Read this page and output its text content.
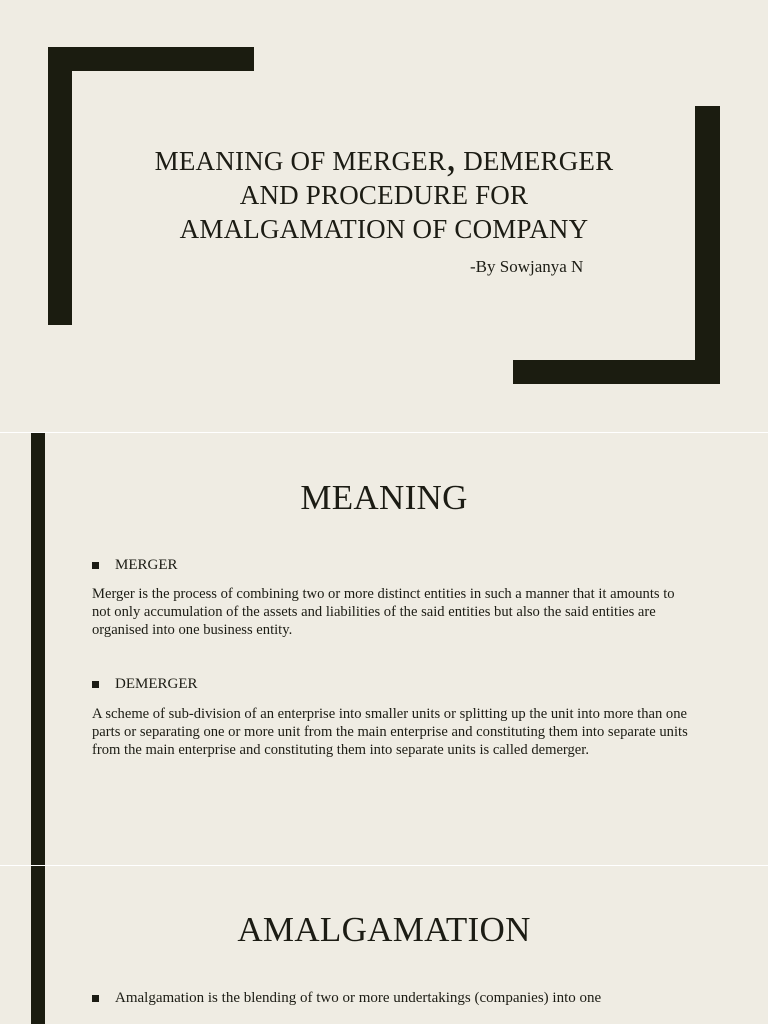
MEANING OF MERGER, DEMERGER
AND PROCEDURE FOR
AMALGAMATION OF COMPANY
-By Sowjanya N
MEANING
MERGER
Merger is the process of combining two or more distinct entities in such a manner that it amounts to not only accumulation of the assets and liabilities of the said entities but also the said entities are organised into one business entity.
DEMERGER
A scheme of sub-division of an enterprise into smaller units or splitting up the unit into more than one parts or separating one or more unit from the main enterprise and constituting them into separate units from the main enterprise and constituting them into separate units is called demerger.
AMALGAMATION
Amalgamation is the blending of two or more undertakings (companies) into one
